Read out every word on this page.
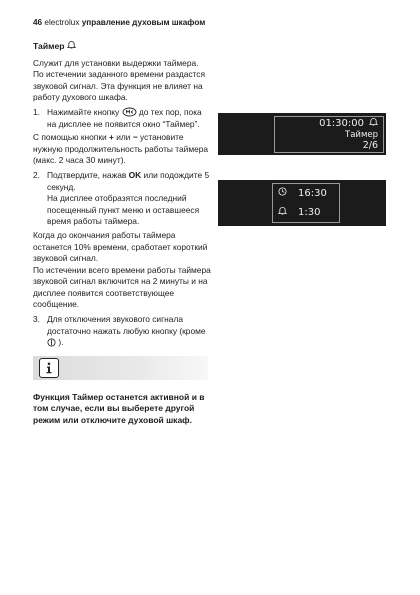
46 electrolux управление духовым шкафом
Таймер

Служит для установки выдержки таймера. По истечении заданного времени раздастся звуковой сигнал. Эта функция не влияет на работу духового шкафа.

1. Нажимайте кнопку до тех пор, пока на дисплее не появится окно “Таймер”.

С помощью кнопки + или − установите нужную продолжительность работы таймера (макс. 2 часа 30 минут).

2. Подтвердите, нажав OK или подождите 5 секунд.
На дисплее отобразятся последний посещенный пункт меню и оставшееся время работы таймера.

Когда до окончания работы таймера останется 10% времени, сработает короткий звуковой сигнал.
По истечении всего времени работы таймера звуковой сигнал включится на 2 минуты и на дисплее появится соответствующее сообщение.

3. Для отключения звукового сигнала достаточно нажать любую кнопку (кроме  ).

Функция Таймер останется активной и в том случае, если вы выберете другой режим или отключите духовой шкаф.

01:30:00
Таймер
2/6
16:30
1:30
